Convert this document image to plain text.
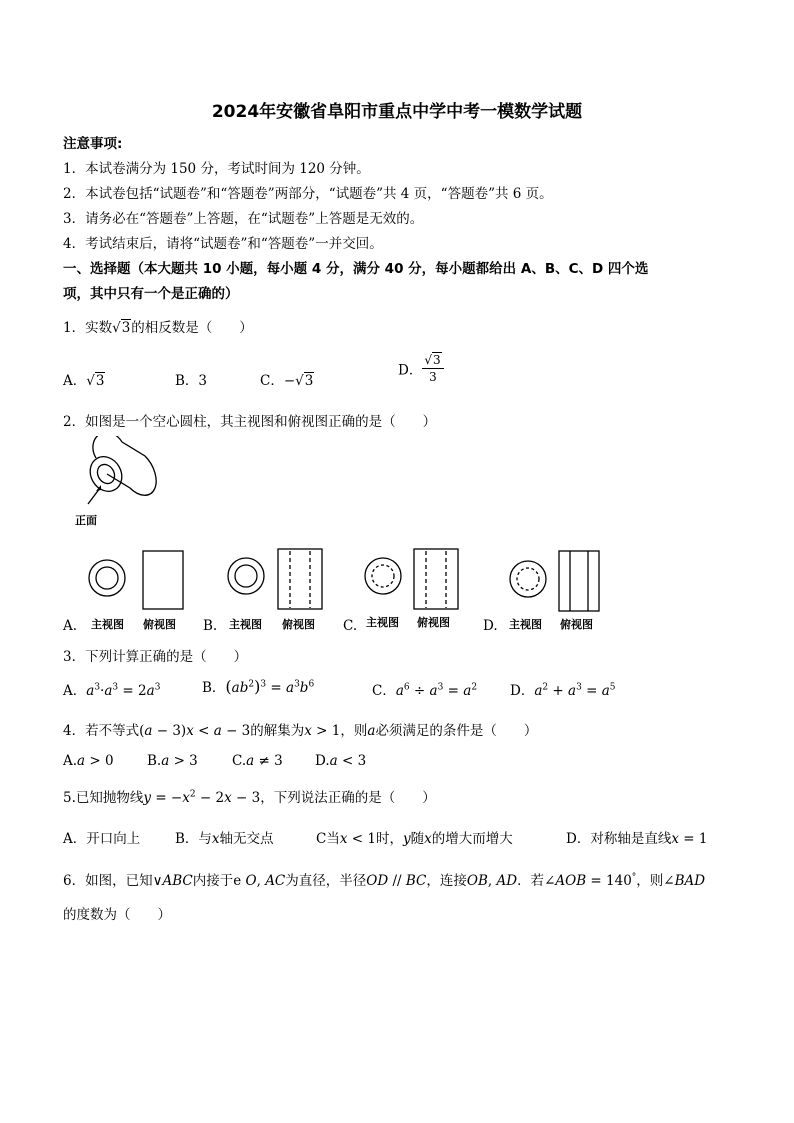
2024年安徽省阜阳市重点中学中考一模数学试题
注意事项:
1．本试卷满分为 150 分，考试时间为 120 分钟。
2．本试卷包括“试题卷”和“答题卷”两部分，“试题卷”共 4 页，“答题卷”共 6 页。
3．请务必在“答题卷”上答题，在“试题卷”上答题是无效的。
4．考试结束后，请将“试题卷”和“答题卷”一并交回。
一、选择题（本大题共 10 小题，每小题 4 分，满分 40 分，每小题都给出 A、B、C、D 四个选
项，其中只有一个是正确的）
1．实数√3的相反数是（　　）
A．√3	B．3	C．−√3
D． $\frac{√3}{3}$
2．如图是一个空心圆柱，其主视图和俯视图正确的是（　　）
正面
A. 主视图 俯视图 B. 主视图 俯视图 C. 主视图 俯视图 D. 主视图 俯视图
3．下列计算正确的是（　　）
A．$a^3\cdot a^3 = 2a^3$	B．$(ab^2)^3 = a^3b^6$	C．$a^6 \div a^3 = a^2$ D．$a^2 + a^3 = a^5$
4．若不等式(a − 3)x < a − 3的解集为x > 1，则a必须满足的条件是（　　）
A.a > 0 B.a > 3	C.a ≠ 3 D.a < 3
5.已知抛物线$y = -x^2 - 2x - 3$，下列说法正确的是（　　）
A．开口向上	B．与x轴无交点	C当x < 1时，y随x的增大而增大	D．对称轴是直线x = 1
6．如图，已知∨ABC内接于e O, AC为直径，半径OD // BC，连接OB, AD．若∠AOB = 140°，则∠BAD
的度数为（　　）
